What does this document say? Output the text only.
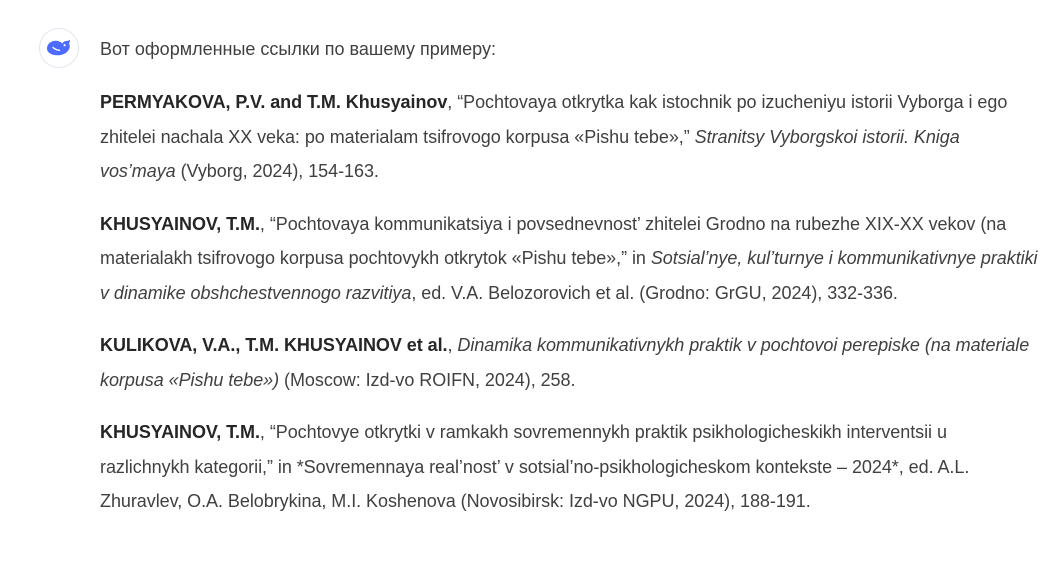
Вот оформленные ссылки по вашему примеру:

PERMYAKOVA, P.V. and T.M. Khusyainov, “Pochtovaya otkrytka kak istochnik po izucheniyu istorii Vyborga i ego zhitelei nachala XX veka: po materialam tsifrovogo korpusa «Pishu tebe»,” Stranitsy Vyborgskoi istorii. Kniga vos’maya (Vyborg, 2024), 154-163.
KHUSYAINOV, T.M., “Pochtovaya kommunikatsiya i povsednevnost’ zhitelei Grodno na rubezhe XIX-XX vekov (na materialakh tsifrovogo korpusa pochtovykh otkrytok «Pishu tebe»,” in Sotsial’nye, kul’turnye i kommunikativnye praktiki v dinamike obshchestvennogo razvitiya, ed. V.A. Belozorovich et al. (Grodno: GrGU, 2024), 332-336.
KULIKOVA, V.A., T.M. KHUSYAINOV et al., Dinamika kommunikativnykh praktik v pochtovoi perepiske (na materiale korpusa «Pishu tebe») (Moscow: Izd-vo ROIFN, 2024), 258.
KHUSYAINOV, T.M., “Pochtovye otkrytki v ramkakh sovremennykh praktik psikhologicheskikh interventsii u razlichnykh kategorii,” in *Sovremennaya real’nost’ v sotsial’no-psikhologicheskom kontekste – 2024*, ed. A.L. Zhuravlev, O.A. Belobrykina, M.I. Koshenova (Novosibirsk: Izd-vo NGPU, 2024), 188-191.
